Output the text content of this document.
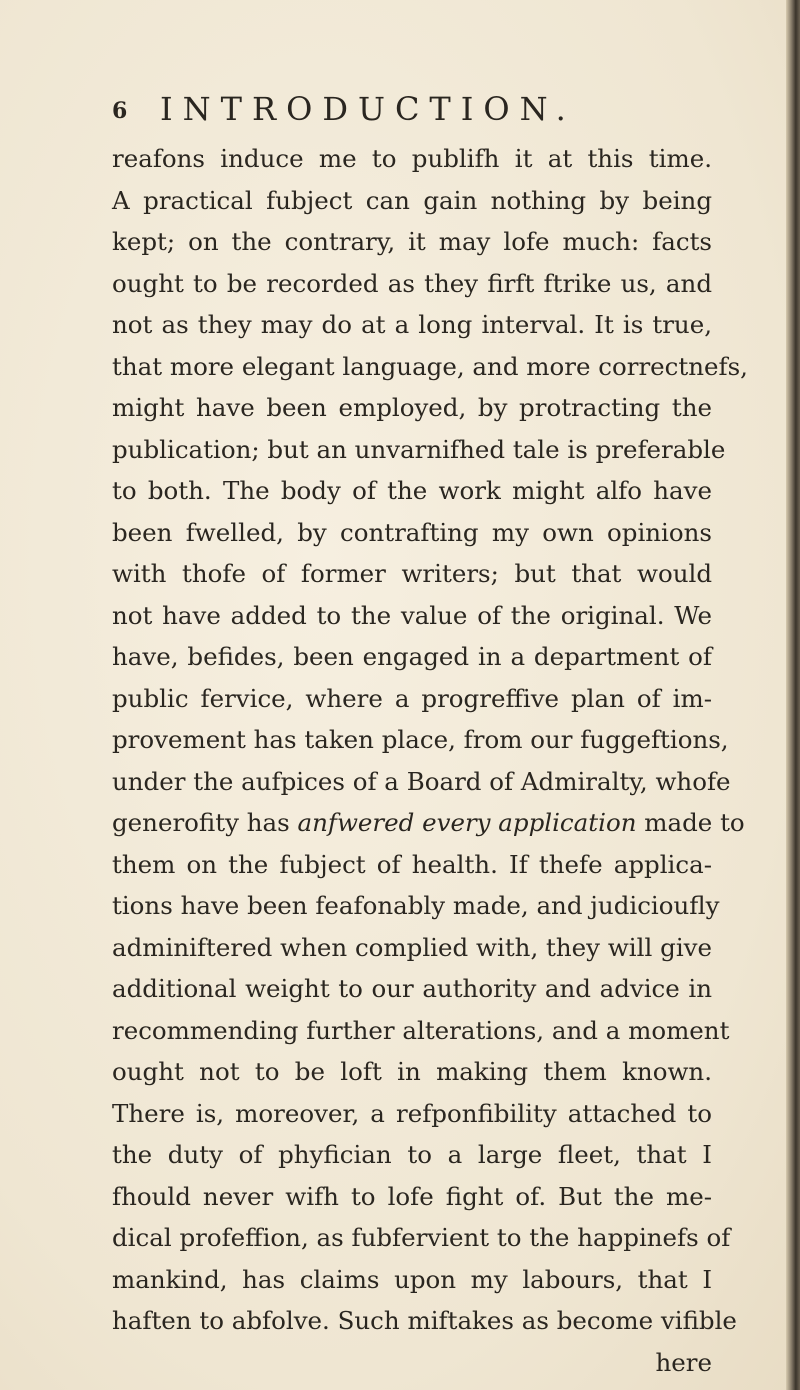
6 INTRODUCTION.
reafons induce me to publifh it at this time.
A practical fubject can gain nothing by being
kept; on the contrary, it may lofe much: facts
ought to be recorded as they firft ftrike us, and
not as they may do at a long interval. It is true,
that more elegant language, and more correctnefs,
might have been employed, by protracting the
publication; but an unvarnifhed tale is preferable
to both. The body of the work might alfo have
been fwelled, by contrafting my own opinions
with thofe of former writers; but that would
not have added to the value of the original. We
have, befides, been engaged in a department of
public fervice, where a progreffive plan of im-
provement has taken place, from our fuggeftions,
under the aufpices of a Board of Admiralty, whofe
generofity has anfwered every application made to
them on the fubject of health. If thefe applica-
tions have been feafonably made, and judicioufly
adminiftered when complied with, they will give
additional weight to our authority and advice in
recommending further alterations, and a moment
ought not to be loft in making them known.
There is, moreover, a refponfibility attached to
the duty of phyfician to a large fleet, that I
fhould never wifh to lofe fight of. But the me-
dical profeffion, as fubfervient to the happinefs of
mankind, has claims upon my labours, that I
haften to abfolve. Such miftakes as become vifible
here
